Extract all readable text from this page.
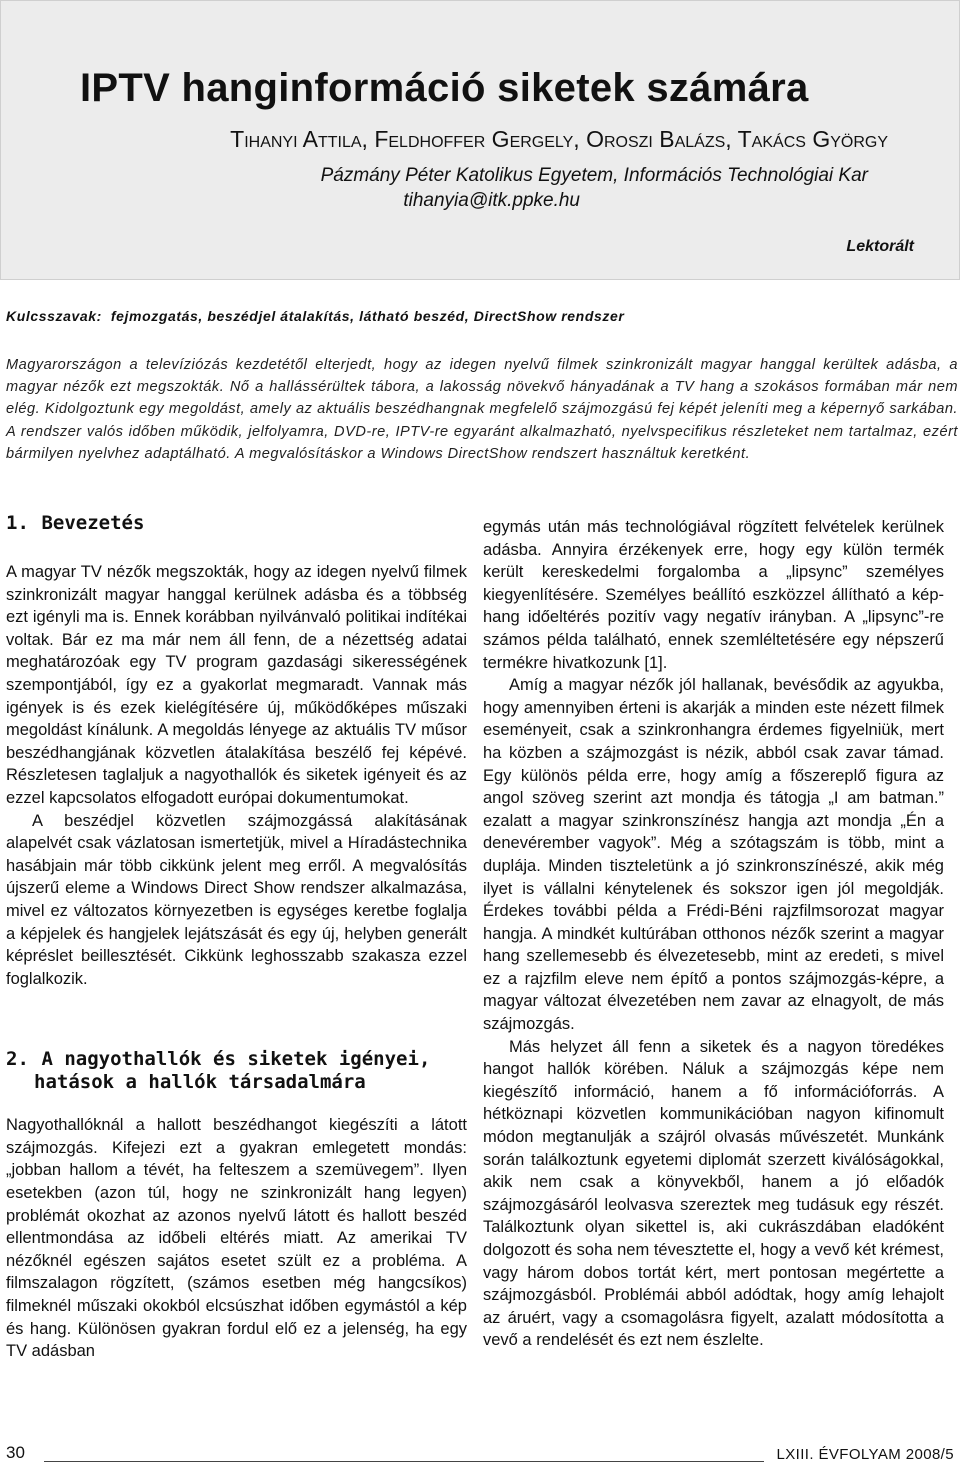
IPTV hanginformáció siketek számára
Tihanyi Attila, Feldhoffer Gergely, Oroszi Balázs, Takács György
Pázmány Péter Katolikus Egyetem, Információs Technológiai Kar
tihanyia@itk.ppke.hu
Lektorált
Kulcsszavak: fejmozgatás, beszédjel átalakítás, látható beszéd, DirectShow rendszer
Magyarországon a televíziózás kezdetétől elterjedt, hogy az idegen nyelvű filmek szinkronizált magyar hanggal kerültek adásba, a magyar nézők ezt megszokták. Nő a hallássérültek tábora, a lakosság növekvő hányadának a TV hang a szokásos formában már nem elég. Kidolgoztunk egy megoldást, amely az aktuális beszédhangnak megfelelő szájmozgású fej képét jeleníti meg a képernyő sarkában. A rendszer valós időben működik, jelfolyamra, DVD-re, IPTV-re egyaránt alkalmazható, nyelvspecifikus részleteket nem tartalmaz, ezért bármilyen nyelvhez adaptálható. A megvalósításkor a Windows DirectShow rendszert használtuk keretként.
1. Bevezetés

A magyar TV nézők megszokták, hogy az idegen nyelvű filmek szinkronizált magyar hanggal kerülnek adásba és a többség ezt igényli ma is. Ennek korábban nyilvánvaló politikai indítékai voltak. Bár ez ma már nem áll fenn, de a nézettség adatai meghatározóak egy TV program gazdasági sikerességének szempontjából, így ez a gyakorlat megmaradt. Vannak más igények is és ezek kielégítésére új, működőképes műszaki megoldást kínálunk. A megoldás lényege az aktuális TV műsor beszédhangjának közvetlen átalakítása beszélő fej képévé. Részletesen taglaljuk a nagyothallók és siketek igényeit és az ezzel kapcsolatos elfogadott európai dokumentumokat.

A beszédjel közvetlen szájmozgássá alakításának alapelvét csak vázlatosan ismertetjük, mivel a Híradástechnika hasábjain már több cikkünk jelent meg erről. A megvalósítás újszerű eleme a Windows Direct Show rendszer alkalmazása, mivel ez változatos környezetben is egységes keretbe foglalja a képjelek és hangjelek lejátszását és egy új, helyben generált képréslet beillesztését. Cikkünk leghosszabb szakasza ezzel foglalkozik.

2. A nagyothallók és siketek igényei,
hatások a hallók társadalmára

Nagyothallóknál a hallott beszédhangot kiegészíti a látott szájmozgás. Kifejezi ezt a gyakran emlegetett mondás: „jobban hallom a tévét, ha felteszem a szemüvegem”. Ilyen esetekben (azon túl, hogy ne szinkronizált hang legyen) problémát okozhat az azonos nyelvű látott és hallott beszéd ellentmondása az időbeli eltérés miatt. Az amerikai TV nézőknél egészen sajátos esetet szült ez a probléma. A filmszalagon rögzített, (számos esetben még hangcsíkos) filmeknél műszaki okokból elcsúszhat időben egymástól a kép és hang. Különösen gyakran fordul elő ez a jelenség, ha egy TV adásban

egymás után más technológiával rögzített felvételek kerülnek adásba. Annyira érzékenyek erre, hogy egy külön termék került kereskedelmi forgalomba a „lipsync” személyes kiegyenlítésére. Személyes beállító eszközzel állítható a kép-hang időeltérés pozitív vagy negatív irányban. A „lipsync”-re számos példa található, ennek szemléltetésére egy népszerű termékre hivatkozunk [1].

Amíg a magyar nézők jól hallanak, bevésődik az agyukba, hogy amennyiben érteni is akarják a minden este nézett filmek eseményeit, csak a szinkronhangra érdemes figyelniük, mert ha közben a szájmozgást is nézik, abból csak zavar támad. Egy különös példa erre, hogy amíg a főszereplő figura az angol szöveg szerint azt mondja és tátogja „I am batman.” ezalatt a magyar szinkronszínész hangja azt mondja „Én a denevérember vagyok”. Még a szótagszám is több, mint a duplája. Minden tiszteletünk a jó szinkronszínészé, akik még ilyet is vállalni kénytelenek és sokszor igen jól megoldják. Érdekes további példa a Frédi-Béni rajzfilmsorozat magyar hangja. A mindkét kultúrában otthonos nézők szerint a magyar hang szellemesebb és élvezetesebb, mint az eredeti, s mivel ez a rajzfilm eleve nem építő a pontos szájmozgás-képre, a magyar változat élvezetében nem zavar az elnagyolt, de más szájmozgás.

Más helyzet áll fenn a siketek és a nagyon töredékes hangot hallók körében. Náluk a szájmozgás képe nem kiegészítő információ, hanem a fő információforrás. A hétköznapi közvetlen kommunikációban nagyon kifinomult módon megtanulják a szájról olvasás művészetét. Munkánk során találkoztunk egyetemi diplomát szerzett kiválóságokkal, akik nem csak a könyvekből, hanem a jó előadók szájmozgásáról leolvasva szereztek meg tudásuk egy részét. Találkoztunk olyan sikettel is, aki cukrászdában eladóként dolgozott és soha nem tévesztette el, hogy a vevő két krémest, vagy három dobos tortát kért, mert pontosan megértette a szájmozgásból. Problémái abból adódtak, hogy amíg lehajolt az áruért, vagy a csomagolásra figyelt, azalatt módosította a vevő a rendelését és ezt nem észlelte.

30	LXIII. ÉVFOLYAM 2008/5
